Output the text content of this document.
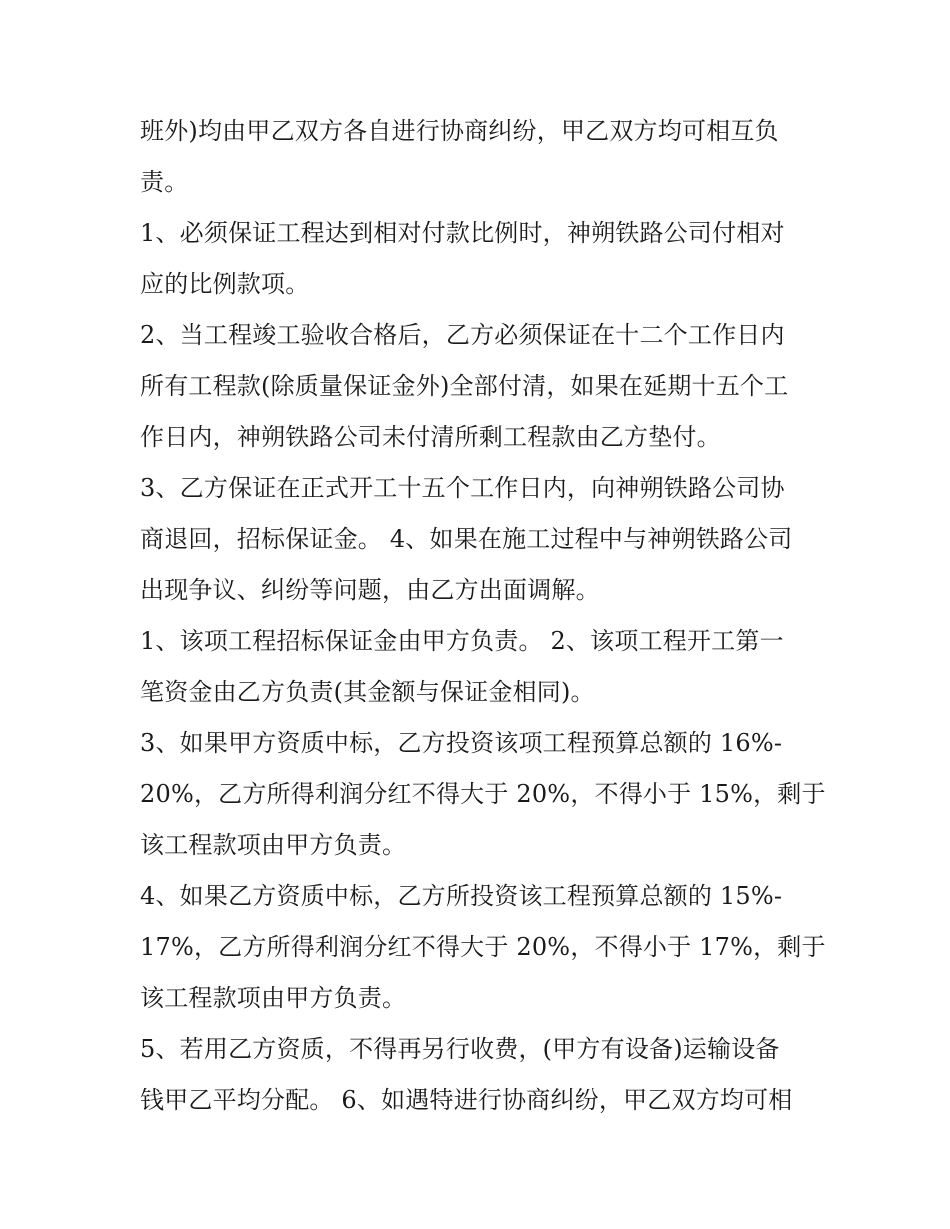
班外)均由甲乙双方各自进行协商纠纷，甲乙双方均可相互负
责。
1、必须保证工程达到相对付款比例时，神朔铁路公司付相对
应的比例款项。
2、当工程竣工验收合格后，乙方必须保证在十二个工作日内
所有工程款(除质量保证金外)全部付清，如果在延期十五个工
作日内，神朔铁路公司未付清所剩工程款由乙方垫付。
3、乙方保证在正式开工十五个工作日内，向神朔铁路公司协
商退回，招标保证金。 4、如果在施工过程中与神朔铁路公司
出现争议、纠纷等问题，由乙方出面调解。
1、该项工程招标保证金由甲方负责。 2、该项工程开工第一
笔资金由乙方负责(其金额与保证金相同)。
3、如果甲方资质中标，乙方投资该项工程预算总额的 16%-
20%，乙方所得利润分红不得大于 20%，不得小于 15%，剩于
该工程款项由甲方负责。
4、如果乙方资质中标，乙方所投资该工程预算总额的 15%-
17%，乙方所得利润分红不得大于 20%，不得小于 17%，剩于
该工程款项由甲方负责。
5、若用乙方资质，不得再另行收费，(甲方有设备)运输设备
钱甲乙平均分配。 6、如遇特进行协商纠纷，甲乙双方均可相
